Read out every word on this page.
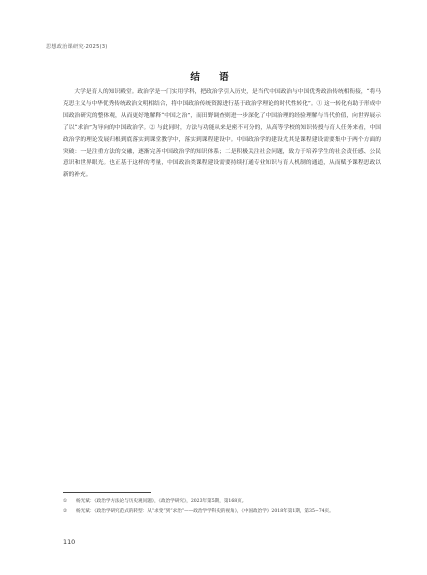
思想政治课研究·2025(3)
结 语

大学是育人的知识殿堂。政治学是一门实用学科，把政治学引入历史，是当代中国政治与中国优秀政治传统相衔接，“将马克思主义与中华优秀传统政治文明相结合，将中国政治传统资源进行基于政治学理论的时代性转化”。① 这一转化有助于形成中国政治研究的整体观，从而更好地解释“中国之治”，而田野调查则进一步深化了中国治理的经验理解与当代价值，向世界展示了以“求治”为导向的中国政治学。② 与此同时，方法与功能从来是密不可分的，从高等学校的知识传授与育人任务来看，中国政治学的理论发展归根到底落实到课堂教学中，落实到课程建设中。中国政治学的建设尤其是课程建设需要集中于两个方面的突破：一是注重方法的交融，逐渐完善中国政治学的知识体系；二是积极关注社会问题，致力于培养学生的社会责任感、公民意识和世界眼光。也正基于这样的考量，中国政治类课程建设需要持续打通专业知识与育人机制的通道，从而赋予课程思政以新的补充。

①	杨光斌：《政治学方法论与历史观问题》，《政治学研究》，2023年第5期，第168页。
②	杨光斌：《政治学研究范式的转型：从“求变”到“求治”——政治学学科史的视角》，《中国政治学》2018年第1期，第35−74页。
110
